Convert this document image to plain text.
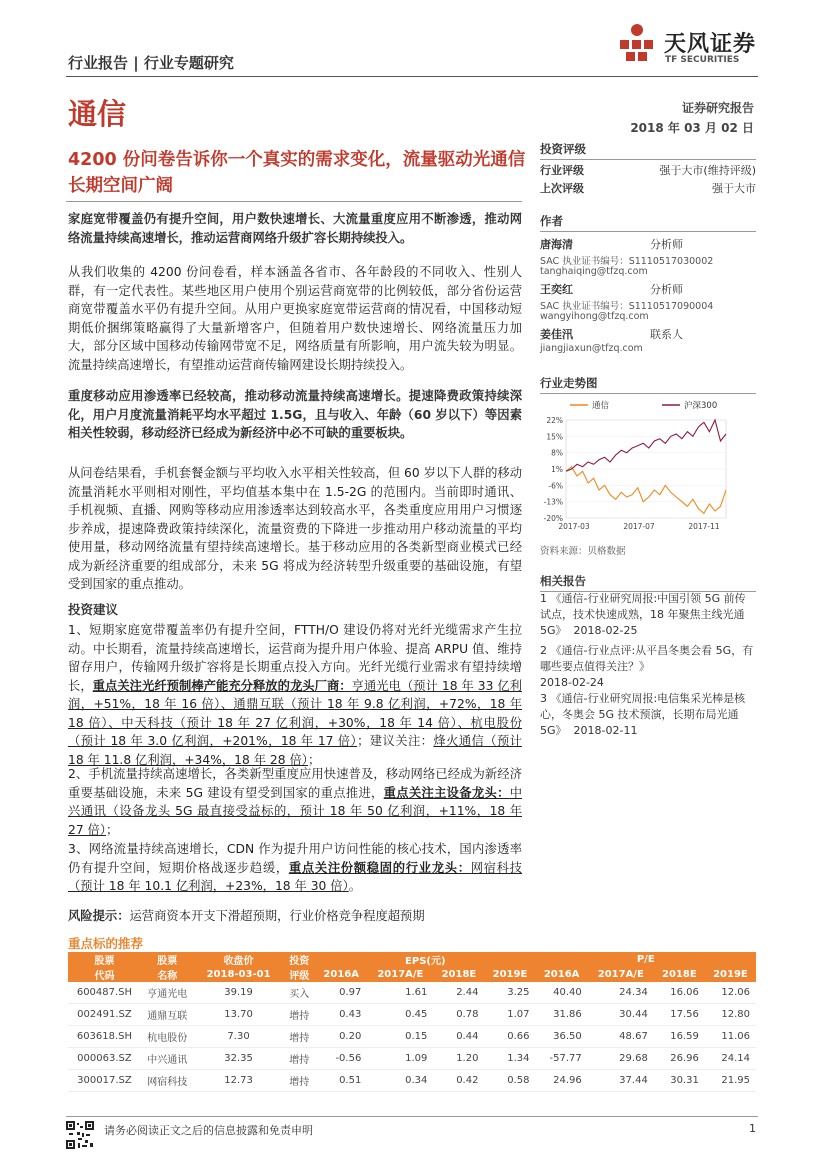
行业报告 | 行业专题研究
天风证券
TF SECURITIES
通信	证券研究报告
2018 年 03 月 02 日
4200 份问卷告诉你一个真实的需求变化，流量驱动光通信长期空间广阔
家庭宽带覆盖仍有提升空间，用户数快速增长、大流量重度应用不断渗透，推动网络流量持续高速增长，推动运营商网络升级扩容长期持续投入。
从我们收集的 4200 份问卷看，样本涵盖各省市、各年龄段的不同收入、性别人群，有一定代表性。某些地区用户使用个别运营商宽带的比例较低，部分省份运营商宽带覆盖水平仍有提升空间。从用户更换家庭宽带运营商的情况看，中国移动短期低价捆绑策略赢得了大量新增客户，但随着用户数快速增长、网络流量压力加大，部分区域中国移动传输网带宽不足，网络质量有所影响，用户流失较为明显。流量持续高速增长，有望推动运营商传输网建设长期持续投入。
重度移动应用渗透率已经较高，推动移动流量持续高速增长。提速降费政策持续深化，用户月度流量消耗平均水平超过 1.5G，且与收入、年龄（60 岁以下）等因素相关性较弱，移动经济已经成为新经济中必不可缺的重要板块。
从问卷结果看，手机套餐金额与平均收入水平相关性较高，但 60 岁以下人群的移动流量消耗水平则相对刚性，平均值基本集中在 1.5-2G 的范围内。当前即时通讯、手机视频、直播、网购等移动应用渗透率达到较高水平，各类重度应用用户习惯逐步养成，提速降费政策持续深化，流量资费的下降进一步推动用户移动流量的平均使用量，移动网络流量有望持续高速增长。基于移动应用的各类新型商业模式已经成为新经济重要的组成部分，未来 5G 将成为经济转型升级重要的基础设施，有望受到国家的重点推动。
投资建议
1、短期家庭宽带覆盖率仍有提升空间，FTTH/O 建设仍将对光纤光缆需求产生拉动。中长期看，流量持续高速增长，运营商为提升用户体验、提高 ARPU 值、维持留存用户，传输网升级扩容将是长期重点投入方向。光纤光缆行业需求有望持续增长，重点关注光纤预制棒产能充分释放的龙头厂商：亨通光电（预计 18 年 33 亿利润，+51%，18 年 16 倍）、通鼎互联（预计 18 年 9.8 亿利润，+72%，18 年 18 倍）、中天科技（预计 18 年 27 亿利润，+30%，18 年 14 倍）、杭电股份（预计 18 年 3.0 亿利润，+201%，18 年 17 倍）；建议关注：烽火通信（预计 18 年 11.8 亿利润，+34%，18 年 28 倍）；
2、手机流量持续高速增长，各类新型重度应用快速普及，移动网络已经成为新经济重要基础设施，未来 5G 建设有望受到国家的重点推进，重点关注主设备龙头：中兴通讯（设备龙头 5G 最直接受益标的，预计 18 年 50 亿利润，+11%，18 年 27 倍）；
3、网络流量持续高速增长，CDN 作为提升用户访问性能的核心技术，国内渗透率仍有提升空间，短期价格战逐步趋缓，重点关注份额稳固的行业龙头：网宿科技（预计 18 年 10.1 亿利润，+23%，18 年 30 倍）。
风险提示：运营商资本开支下滑超预期，行业价格竞争程度超预期
投资评级
行业评级	强于大市(维持评级)
上次评级	强于大市
作者
唐海清	分析师
SAC 执业证书编号：S1110517030002
tanghaiqing@tfzq.com
王奕红	分析师
SAC 执业证书编号：S1110517090004
wangyihong@tfzq.com
姜佳汛	联系人
jiangjiaxun@tfzq.com
行业走势图
22%
15%
8%
1%
-6%
-13%
-20%
2017-03	2017-07	2017-11
通信	沪深300
资料来源：贝格数据
相关报告
1 《通信-行业研究周报:中国引领 5G 前传试点，技术快速成熟，18 年聚焦主线光通 5G》 2018-02-25
2 《通信-行业点评:从平昌冬奥会看 5G，有哪些要点值得关注？》
2018-02-24
3 《通信-行业研究周报:电信集采光棒是核心，冬奥会 5G 技术预演，长期布局光通 5G》 2018-02-11
重点标的推荐
股票	股票	收盘价	投资	EPS(元)				P/E			
代码	名称	2018-03-01	评级	2016A	2017A/E	2018E	2019E	2016A	2017A/E	2018E	2019E
600487.SH	亨通光电	39.19	买入	0.97	1.61	2.44	3.25	40.40	24.34	16.06	12.06
002491.SZ	通鼎互联	13.70	增持	0.43	0.45	0.78	1.07	31.86	30.44	17.56	12.80
603618.SH	杭电股份	7.30	增持	0.20	0.15	0.44	0.66	36.50	48.67	16.59	11.06
000063.SZ	中兴通讯	32.35	增持	-0.56	1.09	1.20	1.34	-57.77	29.68	26.96	24.14
300017.SZ	网宿科技	12.73	增持	0.51	0.34	0.42	0.58	24.96	37.44	30.31	21.95
请务必阅读正文之后的信息披露和免责申明	1
